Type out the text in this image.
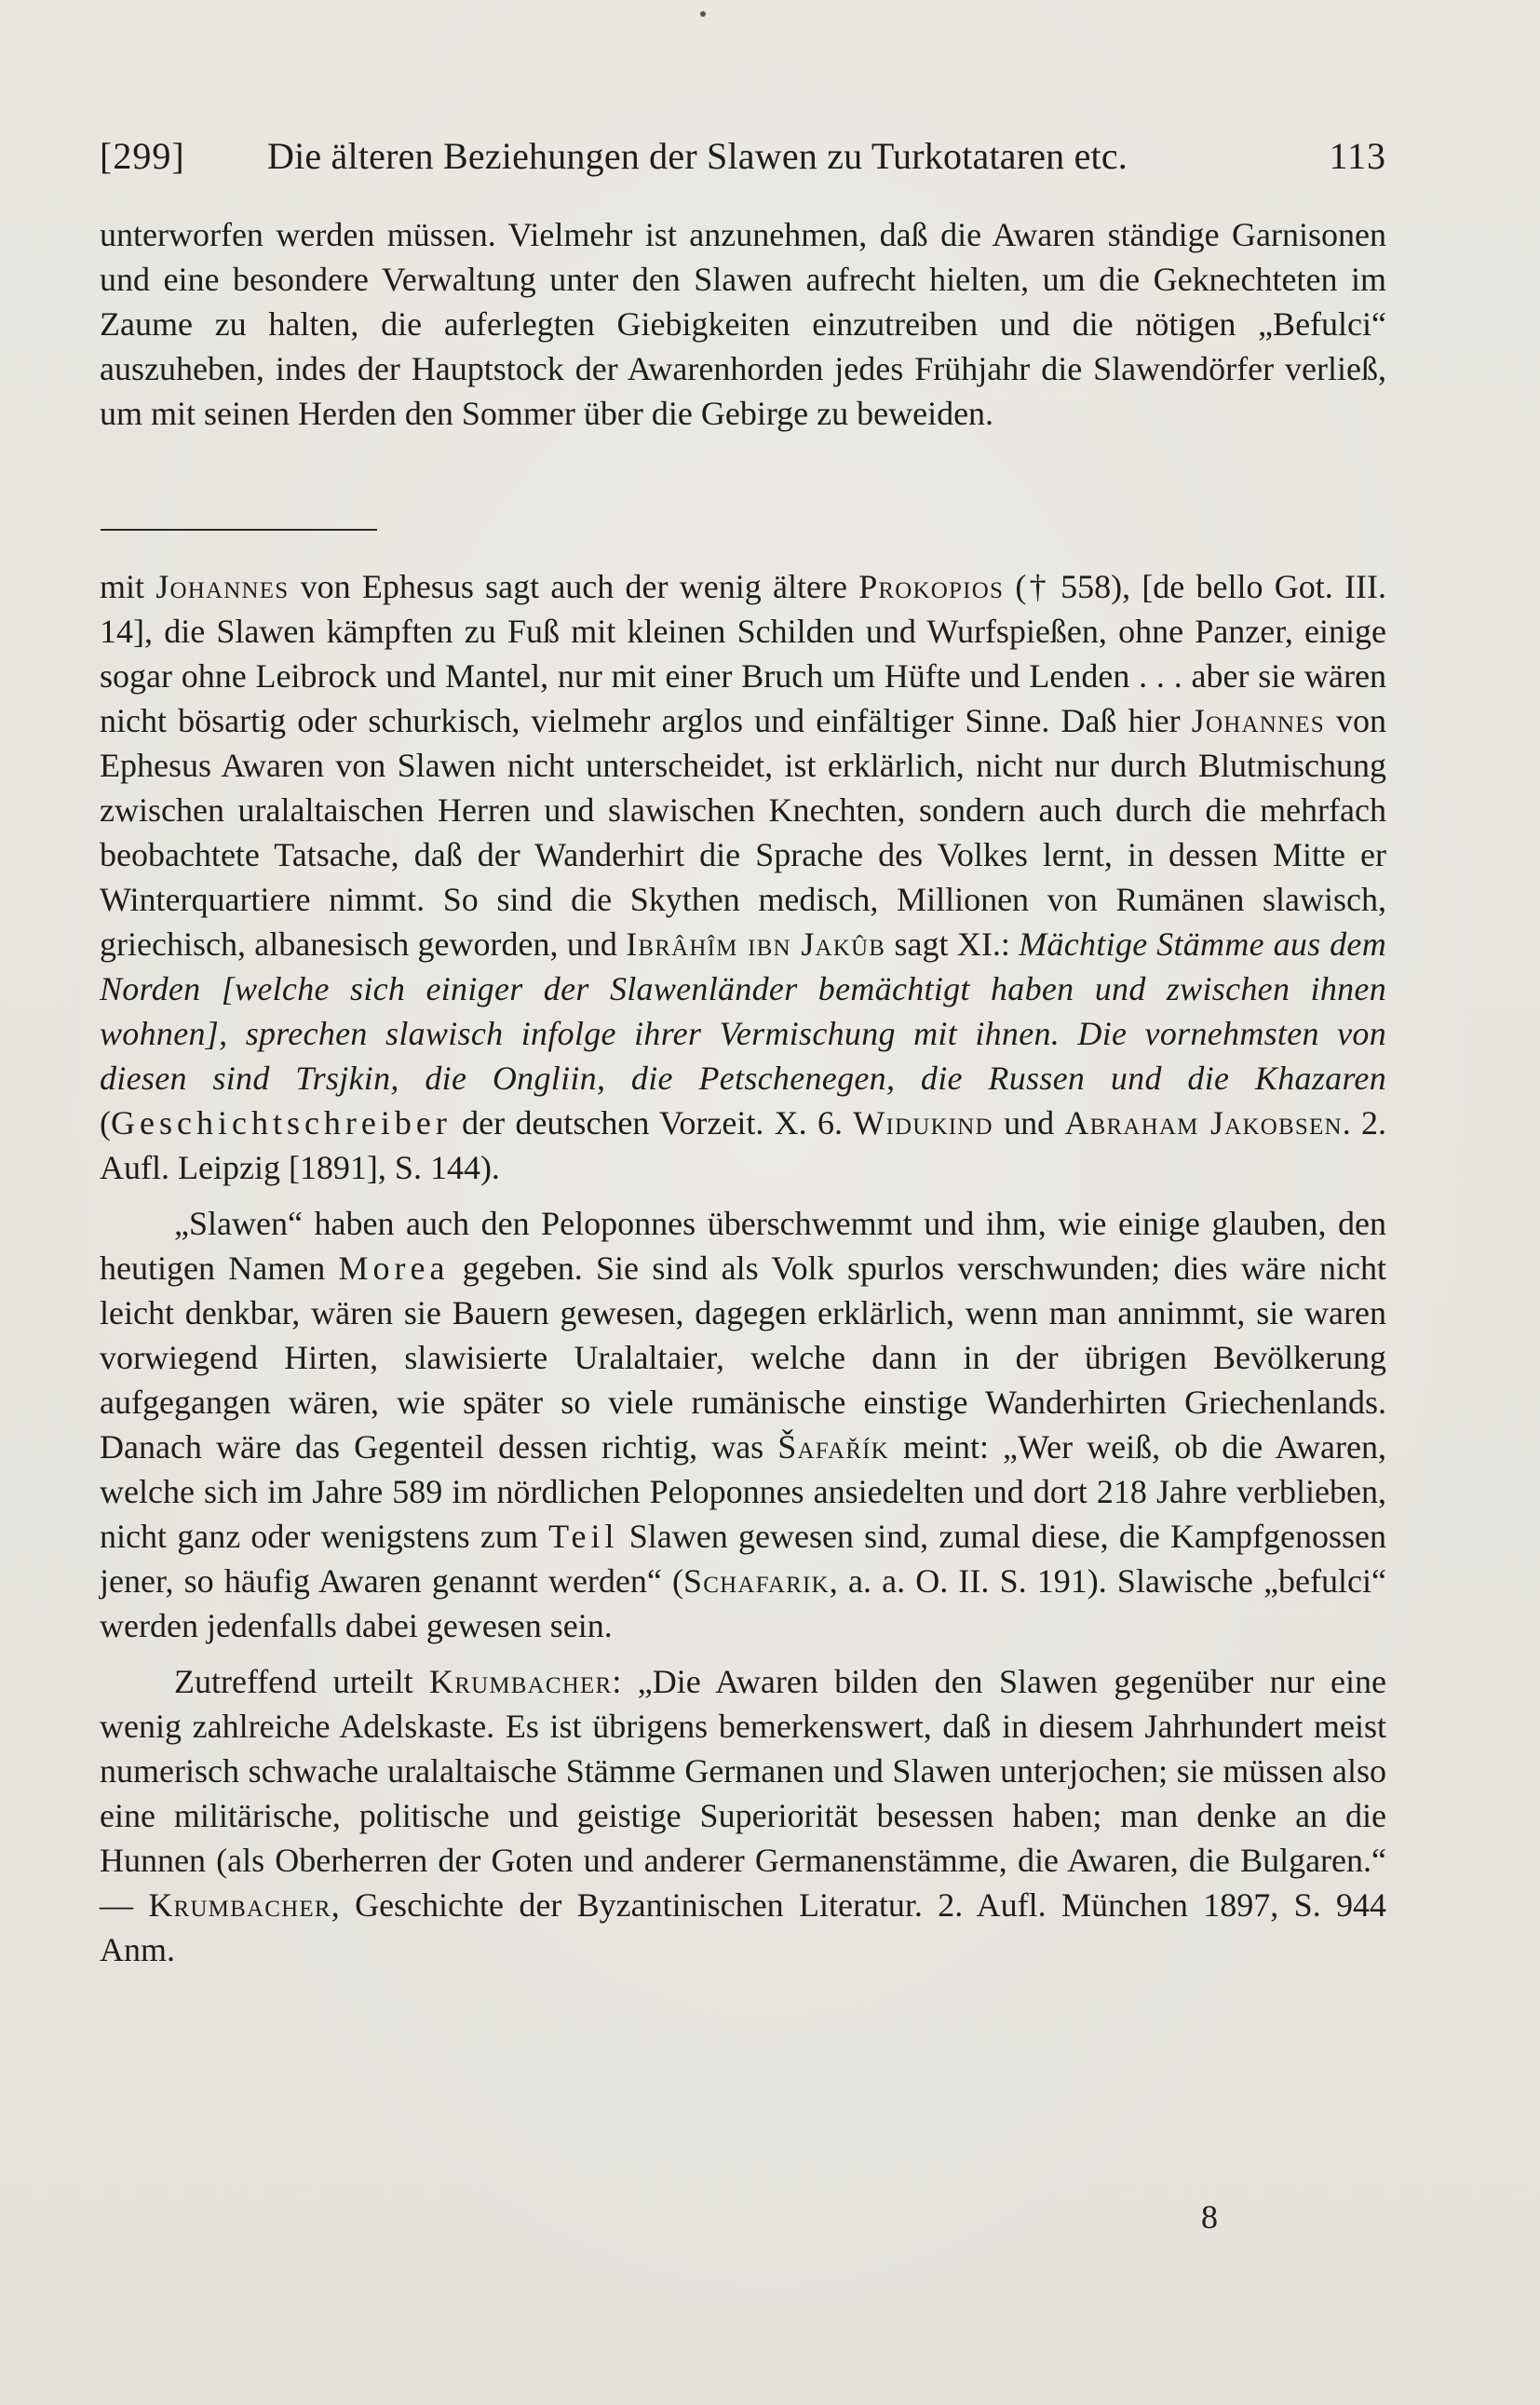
[299] Die älteren Beziehungen der Slawen zu Turkotataren etc.	113
unterworfen werden müssen. Vielmehr ist anzunehmen, daß die Awaren ständige Garnisonen und eine besondere Verwaltung unter den Slawen aufrecht hielten, um die Geknechteten im Zaume zu halten, die auferlegten Giebigkeiten einzutreiben und die nötigen „Befulci“ auszuheben, indes der Hauptstock der Awarenhorden jedes Frühjahr die Slawendörfer verließ, um mit seinen Herden den Sommer über die Gebirge zu beweiden.

mit Johannes von Ephesus sagt auch der wenig ältere Prokopios († 558), [de bello Got. III. 14], die Slawen kämpften zu Fuß mit kleinen Schilden und Wurfspießen, ohne Panzer, einige sogar ohne Leibrock und Mantel, nur mit einer Bruch um Hüfte und Lenden . . . aber sie wären nicht bösartig oder schurkisch, vielmehr arglos und einfältiger Sinne. Daß hier Johannes von Ephesus Awaren von Slawen nicht unterscheidet, ist erklärlich, nicht nur durch Blutmischung zwischen uralaltaischen Herren und slawischen Knechten, sondern auch durch die mehrfach beobachtete Tatsache, daß der Wanderhirt die Sprache des Volkes lernt, in dessen Mitte er Winterquartiere nimmt. So sind die Skythen medisch, Millionen von Rumänen slawisch, griechisch, albanesisch geworden, und Ibrâhîm ibn Jakûb sagt XI.: Mächtige Stämme aus dem Norden [welche sich einiger der Slawenländer bemächtigt haben und zwischen ihnen wohnen], sprechen slawisch infolge ihrer Vermischung mit ihnen. Die vornehmsten von diesen sind Trsjkin, die Ongliin, die Petschenegen, die Russen und die Khazaren (Geschichtschreiber der deutschen Vorzeit. X. 6. Widukind und Abraham Jakobsen. 2. Aufl. Leipzig [1891], S. 144).

„Slawen“ haben auch den Peloponnes überschwemmt und ihm, wie einige glauben, den heutigen Namen Morea gegeben. Sie sind als Volk spurlos verschwunden; dies wäre nicht leicht denkbar, wären sie Bauern gewesen, dagegen erklärlich, wenn man annimmt, sie waren vorwiegend Hirten, slawisierte Uralaltaier, welche dann in der übrigen Bevölkerung aufgegangen wären, wie später so viele rumänische einstige Wanderhirten Griechenlands. Danach wäre das Gegenteil dessen richtig, was Šafařík meint: „Wer weiß, ob die Awaren, welche sich im Jahre 589 im nördlichen Peloponnes ansiedelten und dort 218 Jahre verblieben, nicht ganz oder wenigstens zum Teil Slawen gewesen sind, zumal diese, die Kampfgenossen jener, so häufig Awaren genannt werden“ (Schafarik, a. a. O. II. S. 191). Slawische „befulci“ werden jedenfalls dabei gewesen sein.

Zutreffend urteilt Krumbacher: „Die Awaren bilden den Slawen gegenüber nur eine wenig zahlreiche Adelskaste. Es ist übrigens bemerkenswert, daß in diesem Jahrhundert meist numerisch schwache uralaltaische Stämme Germanen und Slawen unterjochen; sie müssen also eine militärische, politische und geistige Superiorität besessen haben; man denke an die Hunnen (als Oberherren der Goten und anderer Germanenstämme, die Awaren, die Bulgaren.“ — Krumbacher, Geschichte der Byzantinischen Literatur. 2. Aufl. München 1897, S. 944 Anm.

8
